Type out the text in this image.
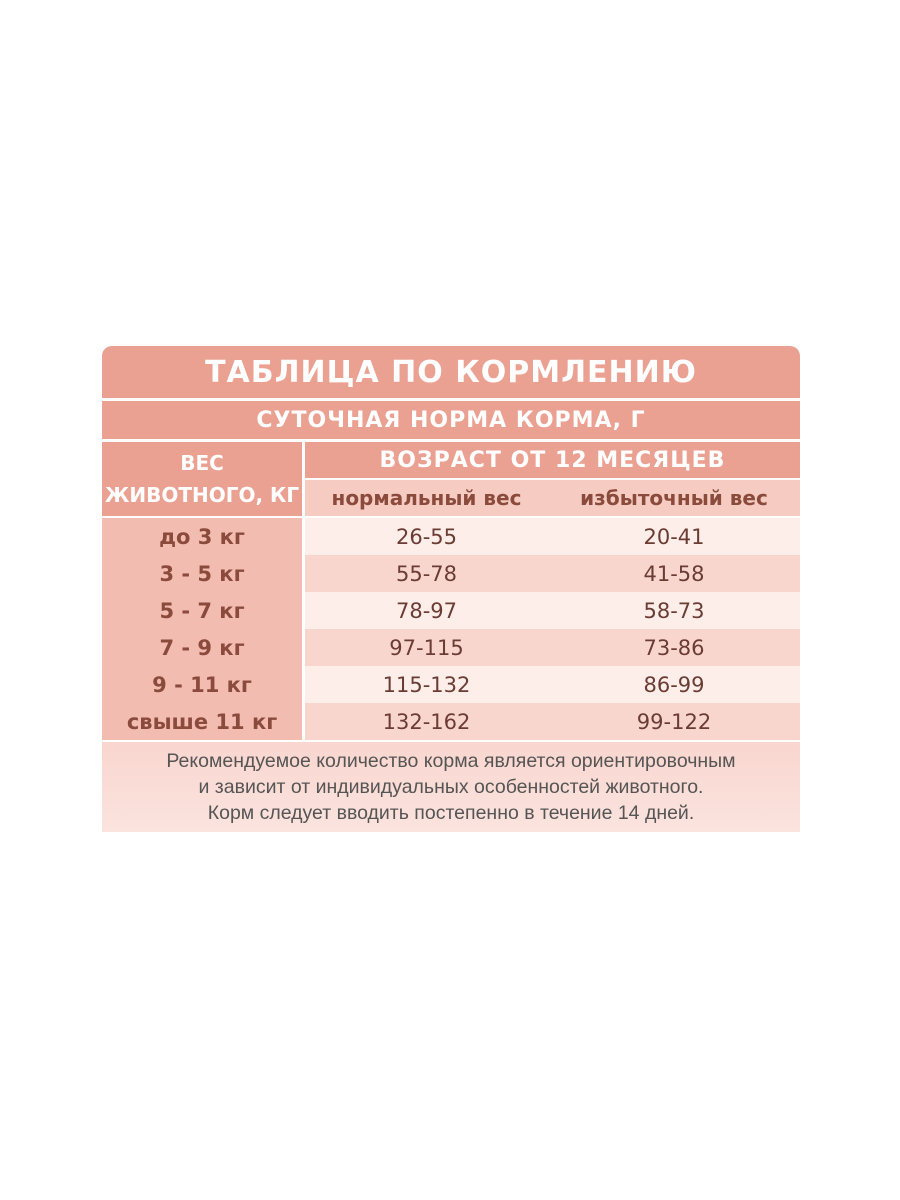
ТАБЛИЦА ПО КОРМЛЕНИЮ
СУТОЧНАЯ НОРМА КОРМА, Г
ВЕС
ЖИВОТНОГО, КГ
ВОЗРАСТ ОТ 12 МЕСЯЦЕВ
нормальный вес	избыточный вес
до 3 кг	26-55	20-41
3 - 5 кг	55-78	41-58
5 - 7 кг	78-97	58-73
7 - 9 кг	97-115	73-86
9 - 11 кг	115-132	86-99
свыше 11 кг	132-162	99-122
Рекомендуемое количество корма является ориентировочным
и зависит от индивидуальных особенностей животного.
Корм следует вводить постепенно в течение 14 дней.
